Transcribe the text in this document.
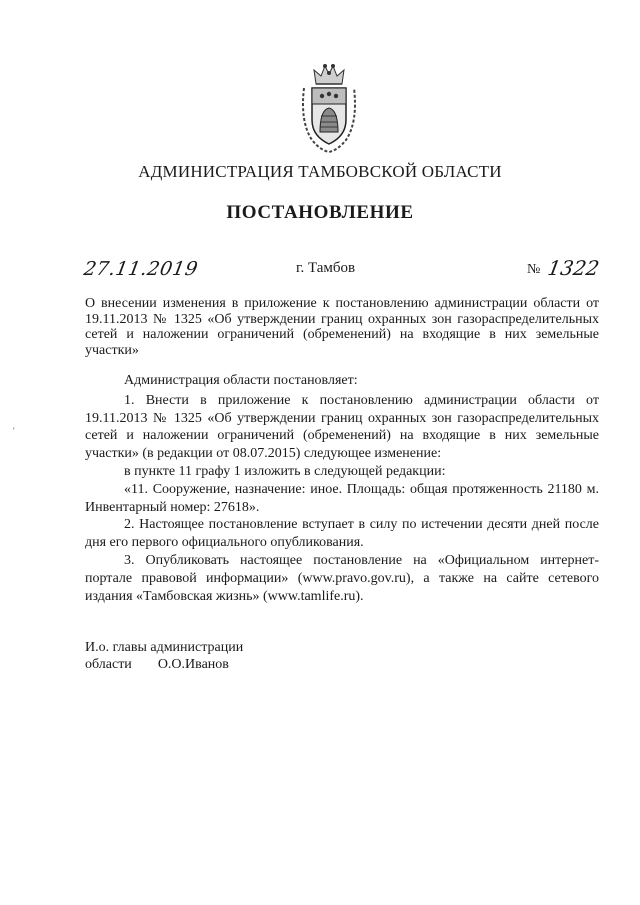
АДМИНИСТРАЦИЯ ТАМБОВСКОЙ ОБЛАСТИ
ПОСТАНОВЛЕНИЕ
27.11.2019	г. Тамбов	№ 1322
О внесении изменения в приложение к постановлению администрации области от 19.11.2013 № 1325 «Об утверждении границ охранных зон газораспределительных сетей и наложении ограничений (обременений) на входящие в них земельные участки»

Администрация области постановляет:

1. Внести в приложение к постановлению администрации области от 19.11.2013 № 1325 «Об утверждении границ охранных зон газораспределительных сетей и наложении ограничений (обременений) на входящие в них земельные участки» (в редакции от 08.07.2015) следующее изменение:

в пункте 11 графу 1 изложить в следующей редакции:

«11. Сооружение, назначение: иное. Площадь: общая протяженность 21180 м. Инвентарный номер: 27618».

2. Настоящее постановление вступает в силу по истечении десяти дней после дня его первого официального опубликования.

3. Опубликовать настоящее постановление на «Официальном интернет-портале правовой информации» (www.pravo.gov.ru), а также на сайте сетевого издания «Тамбовская жизнь» (www.tamlife.ru).

И.о. главы администрации
области О.О.Иванов
'
